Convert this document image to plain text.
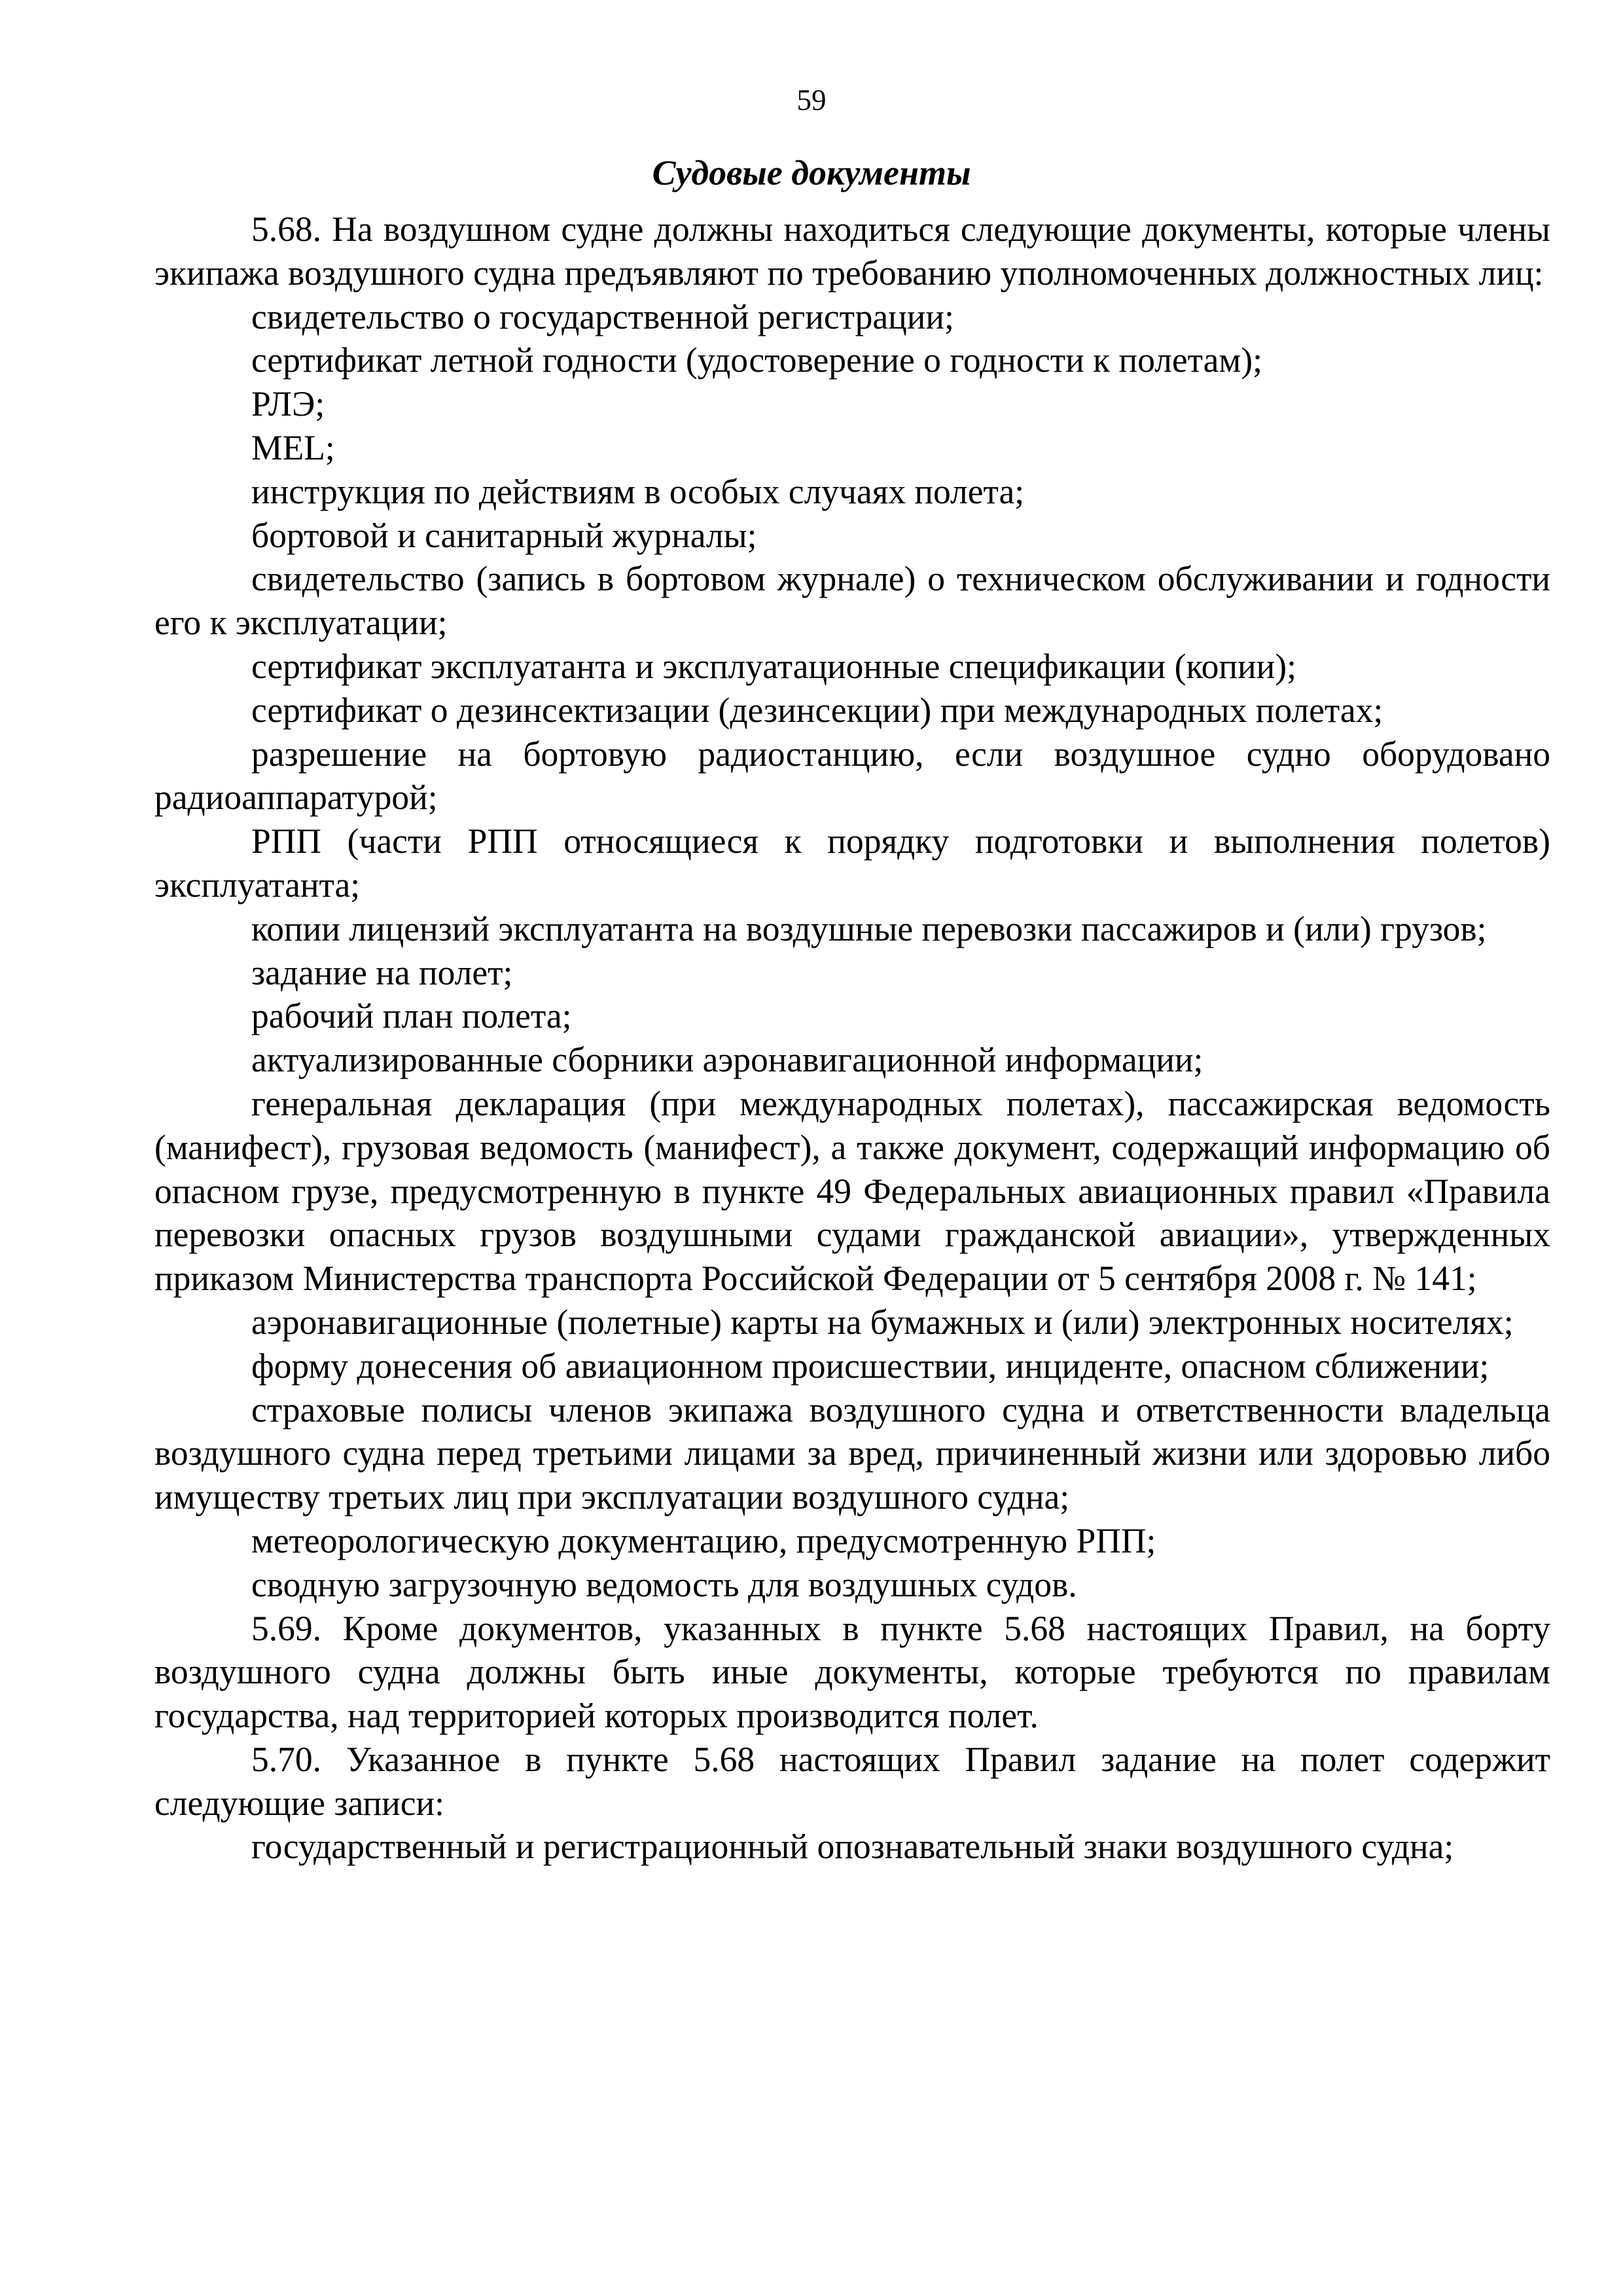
59
Судовые документы

5.68. На воздушном судне должны находиться следующие документы, которые члены экипажа воздушного судна предъявляют по требованию уполномоченных должностных лиц:

свидетельство о государственной регистрации;

сертификат летной годности (удостоверение о годности к полетам);

РЛЭ;

MEL;

инструкция по действиям в особых случаях полета;

бортовой и санитарный журналы;

свидетельство (запись в бортовом журнале) о техническом обслуживании и годности его к эксплуатации;

сертификат эксплуатанта и эксплуатационные спецификации (копии);

сертификат о дезинсектизации (дезинсекции) при международных полетах;

разрешение на бортовую радиостанцию, если воздушное судно оборудовано радиоаппаратурой;

РПП (части РПП относящиеся к порядку подготовки и выполнения полетов) эксплуатанта;

копии лицензий эксплуатанта на воздушные перевозки пассажиров и (или) грузов;

задание на полет;

рабочий план полета;

актуализированные сборники аэронавигационной информации;

генеральная декларация (при международных полетах), пассажирская ведомость (манифест), грузовая ведомость (манифест), а также документ, содержащий информацию об опасном грузе, предусмотренную в пункте 49 Федеральных авиационных правил «Правила перевозки опасных грузов воздушными судами гражданской авиации», утвержденных приказом Министерства транспорта Российской Федерации от 5 сентября 2008 г. № 141;

аэронавигационные (полетные) карты на бумажных и (или) электронных носителях;

форму донесения об авиационном происшествии, инциденте, опасном сближении;

страховые полисы членов экипажа воздушного судна и ответственности владельца воздушного судна перед третьими лицами за вред, причиненный жизни или здоровью либо имуществу третьих лиц при эксплуатации воздушного судна;

метеорологическую документацию, предусмотренную РПП;

сводную загрузочную ведомость для воздушных судов.

5.69. Кроме документов, указанных в пункте 5.68 настоящих Правил, на борту воздушного судна должны быть иные документы, которые требуются по правилам государства, над территорией которых производится полет.

5.70. Указанное в пункте 5.68 настоящих Правил задание на полет содержит следующие записи:

государственный и регистрационный опознавательный знаки воздушного судна;
